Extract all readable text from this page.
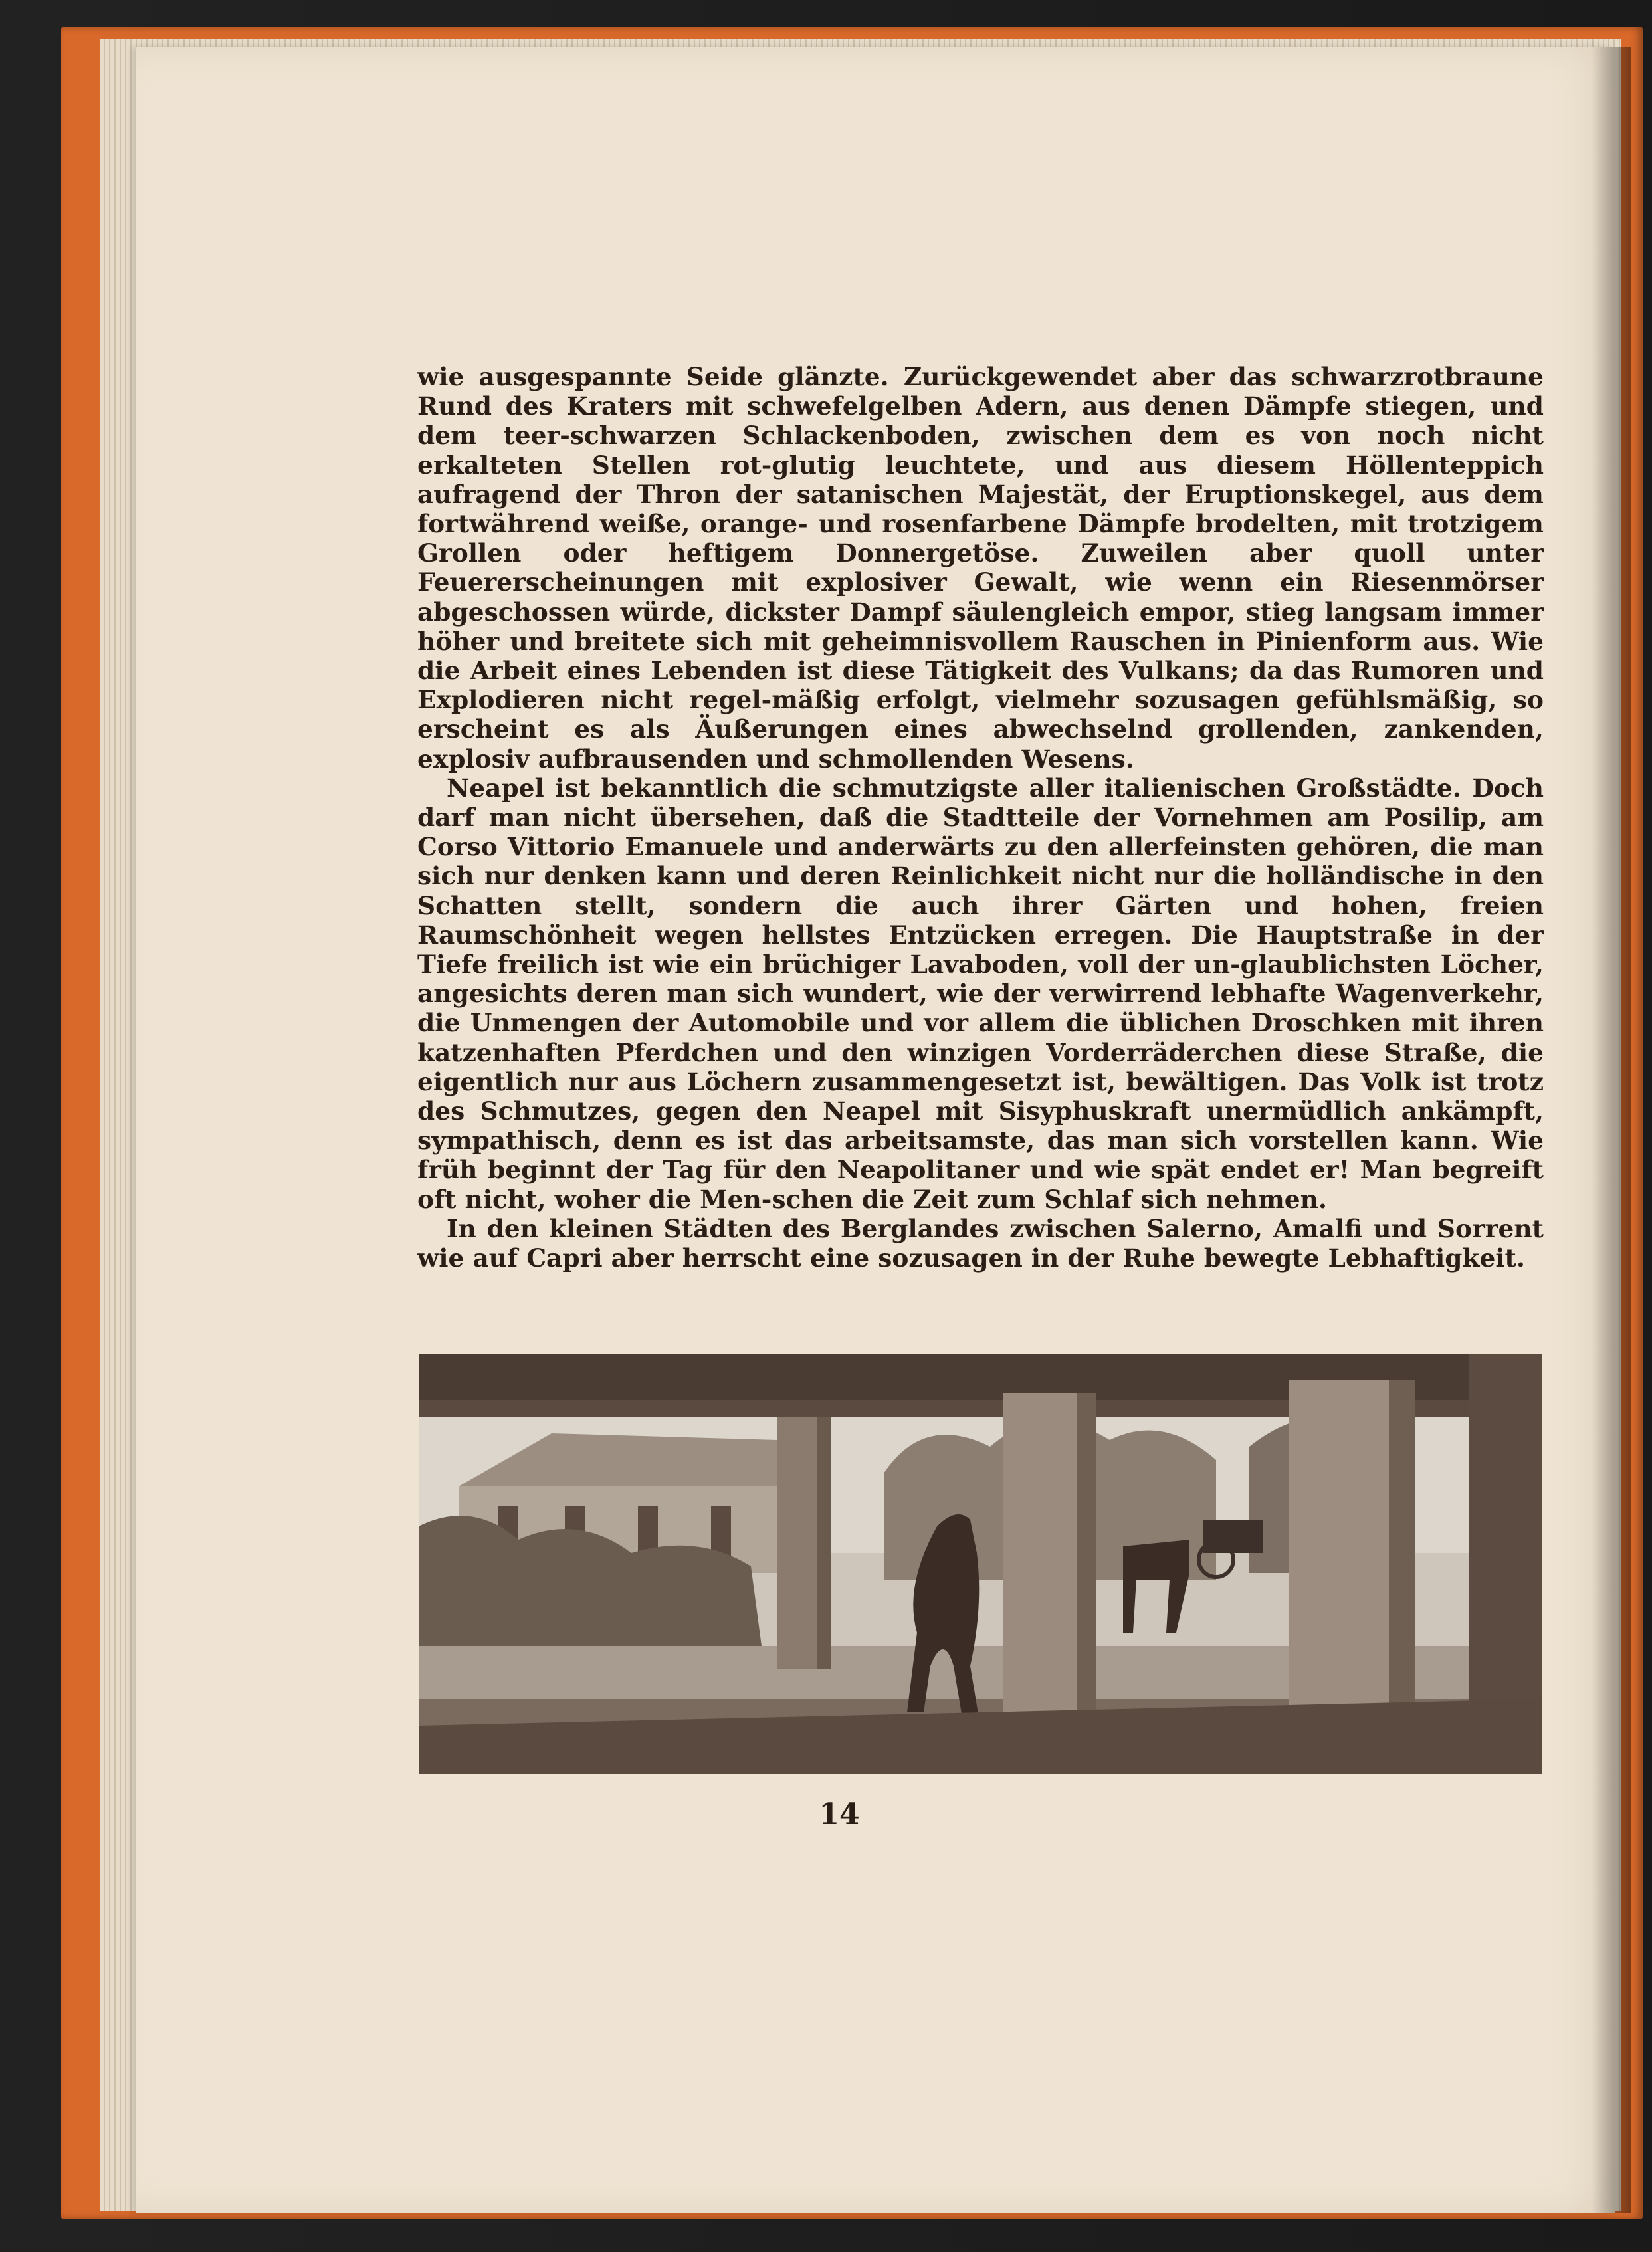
wie ausgespannte Seide glänzte. Zurückgewendet aber das schwarzrotbraune Rund des Kraters mit schwefelgelben Adern, aus denen Dämpfe stiegen, und dem teer-schwarzen Schlackenboden, zwischen dem es von noch nicht erkalteten Stellen rot-glutig leuchtete, und aus diesem Höllenteppich aufragend der Thron der satanischen Majestät, der Eruptionskegel, aus dem fortwährend weiße, orange- und rosenfarbene Dämpfe brodelten, mit trotzigem Grollen oder heftigem Donnergetöse. Zuweilen aber quoll unter Feuererscheinungen mit explosiver Gewalt, wie wenn ein Riesenmörser abgeschossen würde, dickster Dampf säulengleich empor, stieg langsam immer höher und breitete sich mit geheimnisvollem Rauschen in Pinienform aus. Wie die Arbeit eines Lebenden ist diese Tätigkeit des Vulkans; da das Rumoren und Explodieren nicht regel-mäßig erfolgt, vielmehr sozusagen gefühlsmäßig, so erscheint es als Äußerungen eines abwechselnd grollenden, zankenden, explosiv aufbrausenden und schmollenden Wesens.

Neapel ist bekanntlich die schmutzigste aller italienischen Großstädte. Doch darf man nicht übersehen, daß die Stadtteile der Vornehmen am Posilip, am Corso Vittorio Emanuele und anderwärts zu den allerfeinsten gehören, die man sich nur denken kann und deren Reinlichkeit nicht nur die holländische in den Schatten stellt, sondern die auch ihrer Gärten und hohen, freien Raumschönheit wegen hellstes Entzücken erregen. Die Hauptstraße in der Tiefe freilich ist wie ein brüchiger Lavaboden, voll der un-glaublichsten Löcher, angesichts deren man sich wundert, wie der verwirrend lebhafte Wagenverkehr, die Unmengen der Automobile und vor allem die üblichen Droschken mit ihren katzenhaften Pferdchen und den winzigen Vorderräderchen diese Straße, die eigentlich nur aus Löchern zusammengesetzt ist, bewältigen. Das Volk ist trotz des Schmutzes, gegen den Neapel mit Sisyphuskraft unermüdlich ankämpft, sympathisch, denn es ist das arbeitsamste, das man sich vorstellen kann. Wie früh beginnt der Tag für den Neapolitaner und wie spät endet er! Man begreift oft nicht, woher die Men-schen die Zeit zum Schlaf sich nehmen.

In den kleinen Städten des Berglandes zwischen Salerno, Amalfi und Sorrent wie auf Capri aber herrscht eine sozusagen in der Ruhe bewegte Lebhaftigkeit.

14
